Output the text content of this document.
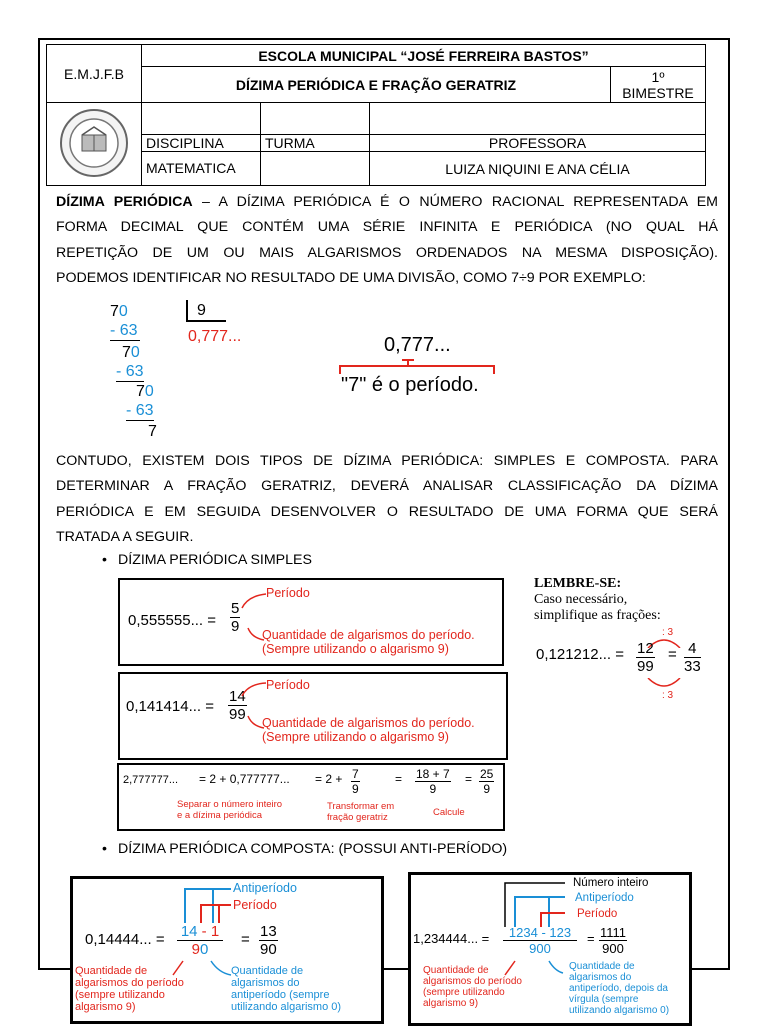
E.M.J.F.B	ESCOLA MUNICIPAL “JOSÉ FERREIRA BASTOS”			
	DÍZIMA PERIÓDICA E FRAÇÃO GERATRIZ			1º BIMESTRE

	DISCIPLINA	TURMA	PROFESSORA	
	MATEMATICA		LUIZA NIQUINI E ANA CÉLIA	
DÍZIMA PERIÓDICA – A DÍZIMA PERIÓDICA É O NÚMERO RACIONAL REPRESENTADA EM
FORMA DECIMAL QUE CONTÉM UMA SÉRIE INFINITA E PERIÓDICA (NO QUAL HÁ
REPETIÇÃO DE UM OU MAIS ALGARISMOS ORDENADOS NA MESMA DISPOSIÇÃO).
PODEMOS IDENTIFICAR NO RESULTADO DE UMA DIVISÃO, COMO 7÷9 POR EXEMPLO:
70
- 63
70
- 63
70
- 63
7
9
0,777...	0,777...
"7" é o período.
CONTUDO, EXISTEM DOIS TIPOS DE DÍZIMA PERIÓDICA: SIMPLES E COMPOSTA. PARA
DETERMINAR A FRAÇÃO GERATRIZ, DEVERÁ ANALISAR CLASSIFICAÇÃO DA DÍZIMA
PERIÓDICA E EM SEGUIDA DESENVOLVER O RESULTADO DE UMA FORMA QUE SERÁ
TRATADA A SEGUIR.
• DÍZIMA PERIÓDICA SIMPLES
0,555555... = $\frac{5}{9}$
Período
Quantidade de algarismos do período.
(Sempre utilizando o algarismo 9)
0,141414... = $\frac{14}{99}$
Período
Quantidade de algarismos do período.
(Sempre utilizando o algarismo 9)
2,777777... = 2 + 0,777777... = $2 + \frac{7}{9}$	= $\frac{18 + 7}{9} = \frac{25}{9}$
Separar o número inteiro
e a dízima periódica
Transformar em
fração geratriz	Calcule
LEMBRE-SE:
Caso necessário,
simplifique as frações:
: 3
0,121212... = $\frac{12}{99} = \frac{4}{33}$
: 3
• DÍZIMA PERIÓDICA COMPOSTA: (POSSUI ANTI-PERÍODO)
Antiperíodo
Período
0,14444... = 14 - 1
90
= $\frac{13}{90}$
Quantidade de
algarismos do período
(sempre utilizando
algarismo 9)
Quantidade de
algarismos do
antiperíodo (sempre
utilizando algarismo 0)
Número inteiro
Antiperíodo
Período
1,234444... =	1234 - 123
900
= $\frac{1111}{900}$
Quantidade de
algarismos do período
(sempre utilizando
algarismo 9)
Quantidade de
algarismos do
antiperíodo, depois da
vírgula (sempre
utilizando algarismo 0)
